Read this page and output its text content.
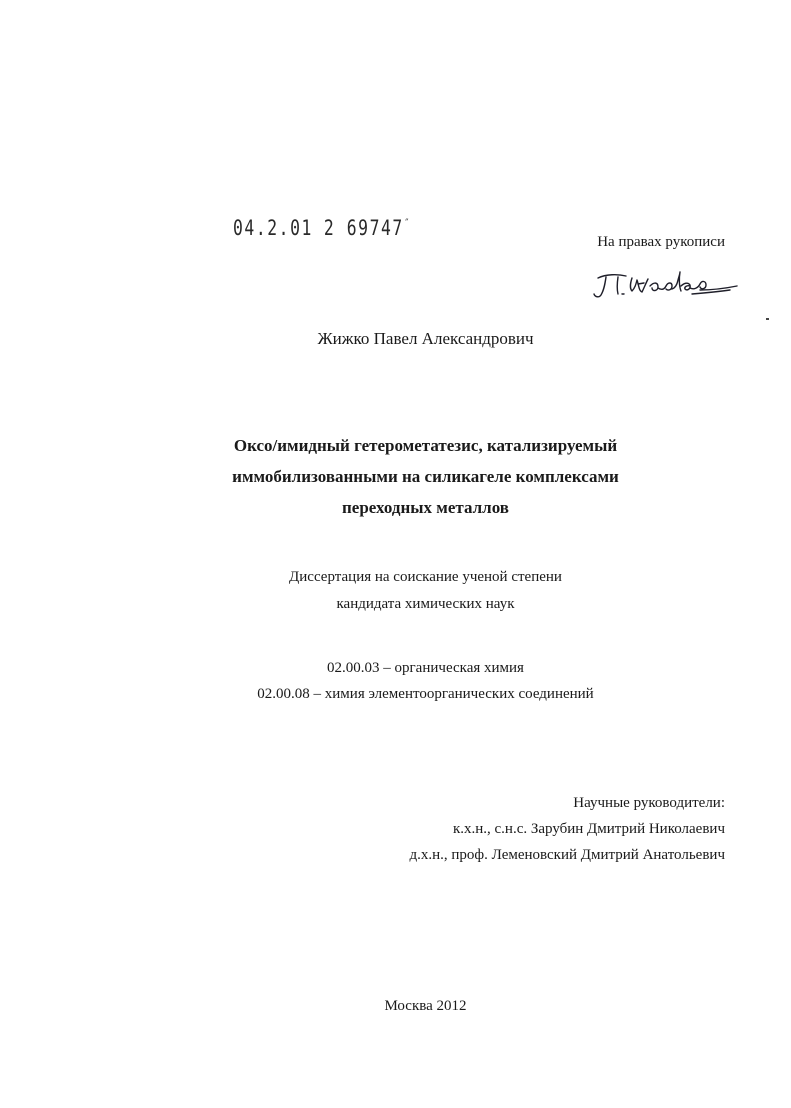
04.2.01 2 69747˝
На правах рукописи
Жижко Павел Александрович
Оксо/имидный гетерометатезис, катализируемый
иммобилизованными на силикагеле комплексами
переходных металлов
Диссертация на соискание ученой степени
кандидата химических наук
02.00.03 – органическая химия
02.00.08 – химия элементоорганических соединений
Научные руководители:
к.х.н., с.н.с. Зарубин Дмитрий Николаевич
д.х.н., проф. Леменовский Дмитрий Анатольевич
Москва 2012
